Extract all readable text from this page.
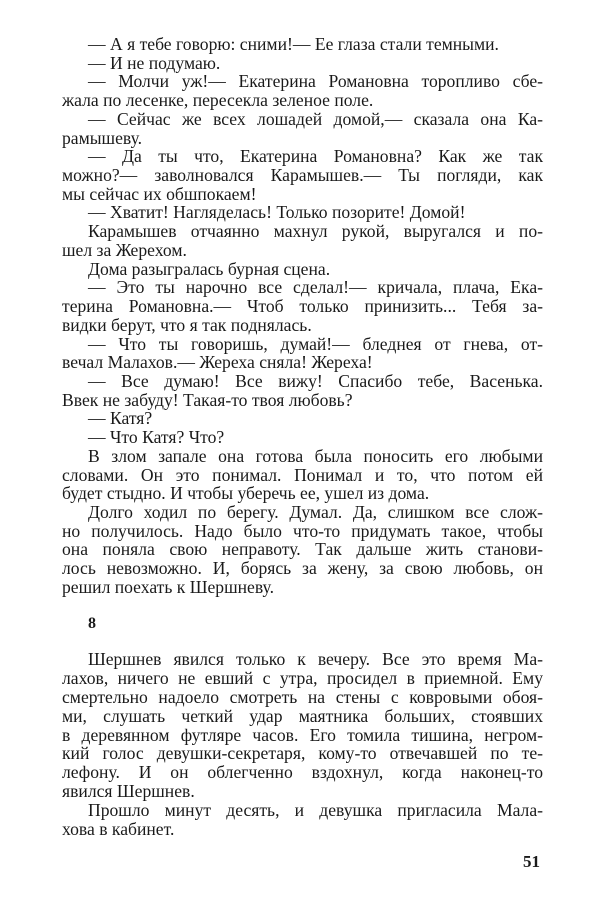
— А я тебе говорю: сними!— Ее глаза стали темными.
— И не подумаю.
— Молчи уж!— Екатерина Романовна торопливо сбе-
жала по лесенке, пересекла зеленое поле.
— Сейчас же всех лошадей домой,— сказала она Ка-
рамышеву.
— Да ты что, Екатерина Романовна? Как же так
можно?— заволновался Карамышев.— Ты погляди, как
мы сейчас их обшпокаем!
— Хватит! Нагляделась! Только позорите! Домой!
Карамышев отчаянно махнул рукой, выругался и по-
шел за Жерехом.
Дома разыгралась бурная сцена.
— Это ты нарочно все сделал!— кричала, плача, Ека-
терина Романовна.— Чтоб только принизить... Тебя за-
видки берут, что я так поднялась.
— Что ты говоришь, думай!— бледнея от гнева, от-
вечал Малахов.— Жереха сняла! Жереха!
— Все думаю! Все вижу! Спасибо тебе, Васенька.
Ввек не забуду! Такая-то твоя любовь?
— Катя?
— Что Катя? Что?
В злом запале она готова была поносить его любыми
словами. Он это понимал. Понимал и то, что потом ей
будет стыдно. И чтобы уберечь ее, ушел из дома.
Долго ходил по берегу. Думал. Да, слишком все слож-
но получилось. Надо было что-то придумать такое, чтобы
она поняла свою неправоту. Так дальше жить станови-
лось невозможно. И, борясь за жену, за свою любовь, он
решил поехать к Шершневу.
8
Шершнев явился только к вечеру. Все это время Ма-
лахов, ничего не евший с утра, просидел в приемной. Ему
смертельно надоело смотреть на стены с ковровыми обоя-
ми, слушать четкий удар маятника больших, стоявших
в деревянном футляре часов. Его томила тишина, негром-
кий голос девушки-секретаря, кому-то отвечавшей по те-
лефону. И он облегченно вздохнул, когда наконец-то
явился Шершнев.
Прошло минут десять, и девушка пригласила Мала-
хова в кабинет.
51
